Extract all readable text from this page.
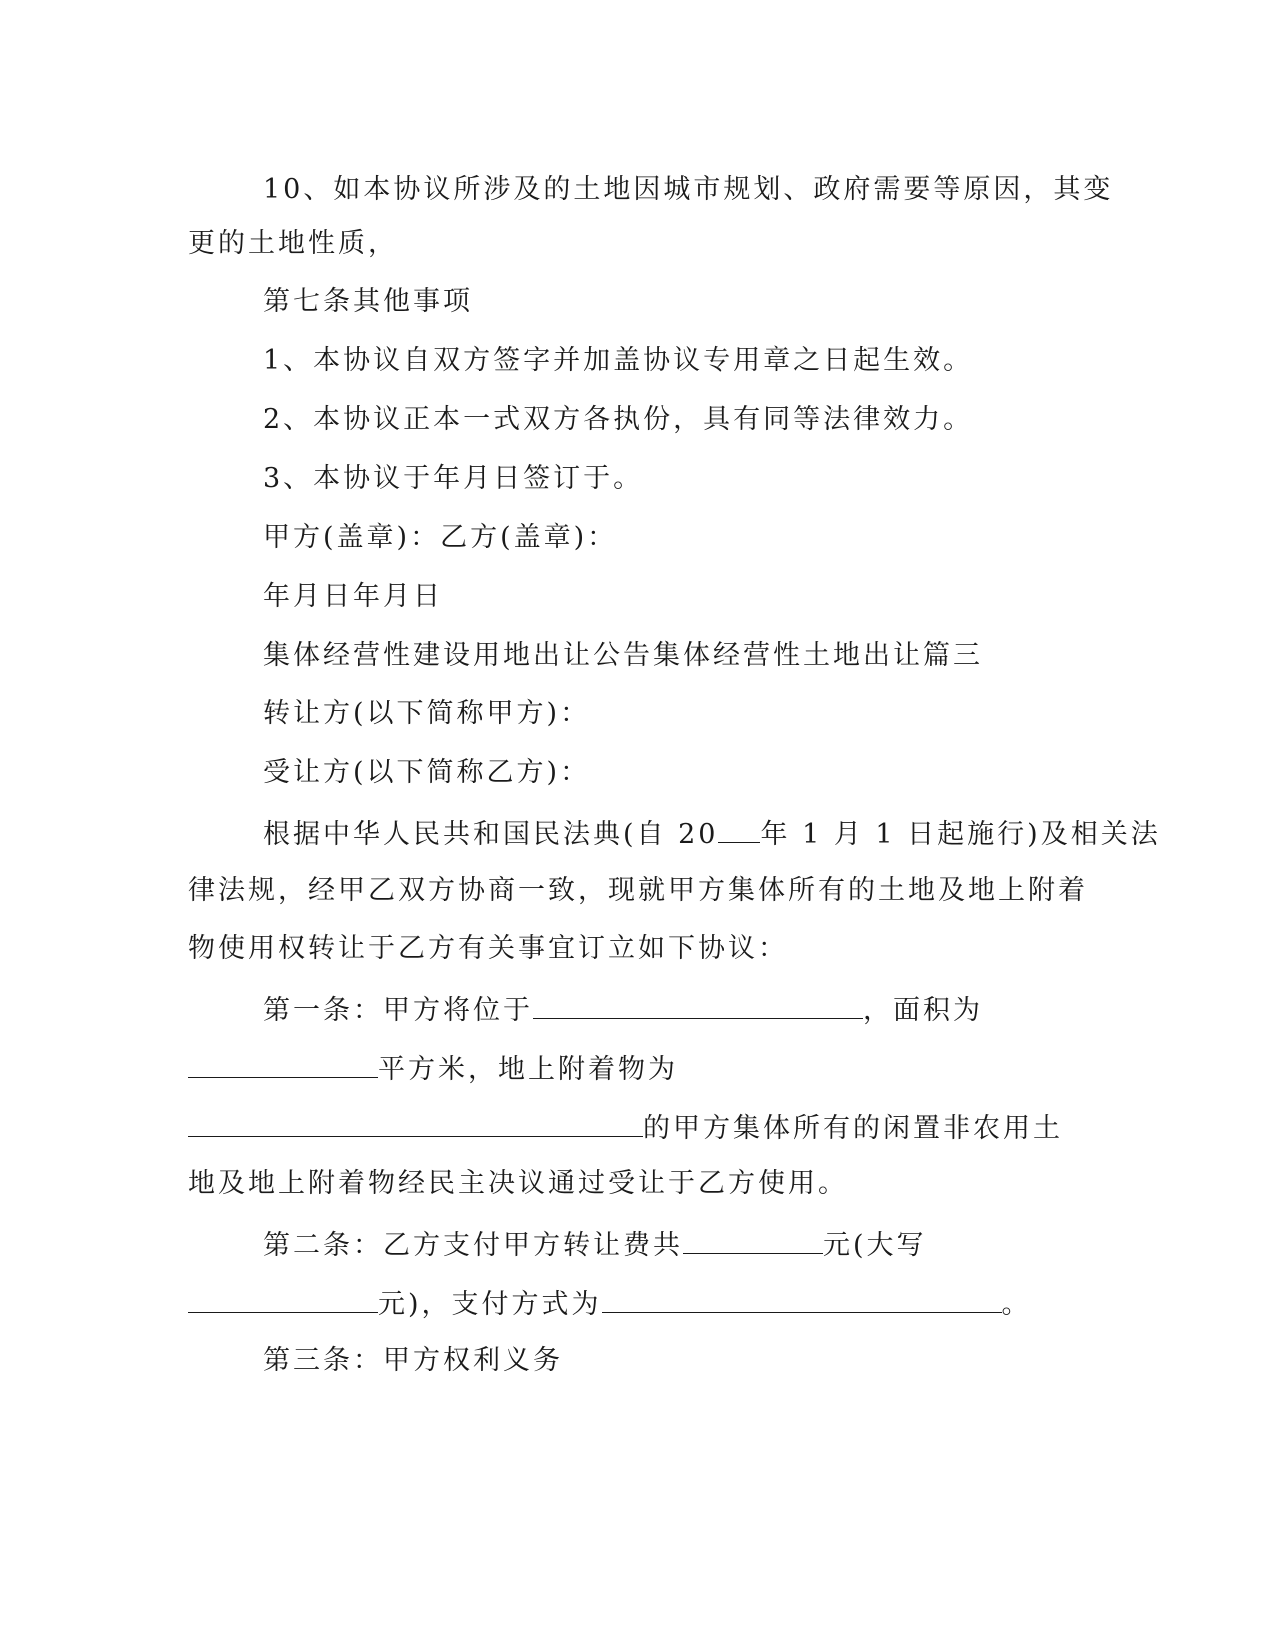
10、如本协议所涉及的土地因城市规划、政府需要等原因，其变
更的土地性质，
第七条其他事项
1、本协议自双方签字并加盖协议专用章之日起生效。
2、本协议正本一式双方各执份，具有同等法律效力。
3、本协议于年月日签订于。
甲方(盖章)：乙方(盖章)：
年月日年月日
集体经营性建设用地出让公告集体经营性土地出让篇三
转让方(以下简称甲方)：
受让方(以下简称乙方)：
根据中华人民共和国民法典(自 20 年 1 月 1 日起施行)及相关法
律法规，经甲乙双方协商一致，现就甲方集体所有的土地及地上附着
物使用权转让于乙方有关事宜订立如下协议：
第一条：甲方将位于	，面积为
平方米，地上附着物为
的甲方集体所有的闲置非农用土
地及地上附着物经民主决议通过受让于乙方使用。
第二条：乙方支付甲方转让费共	元(大写
元)，支付方式为	。
第三条：甲方权利义务
